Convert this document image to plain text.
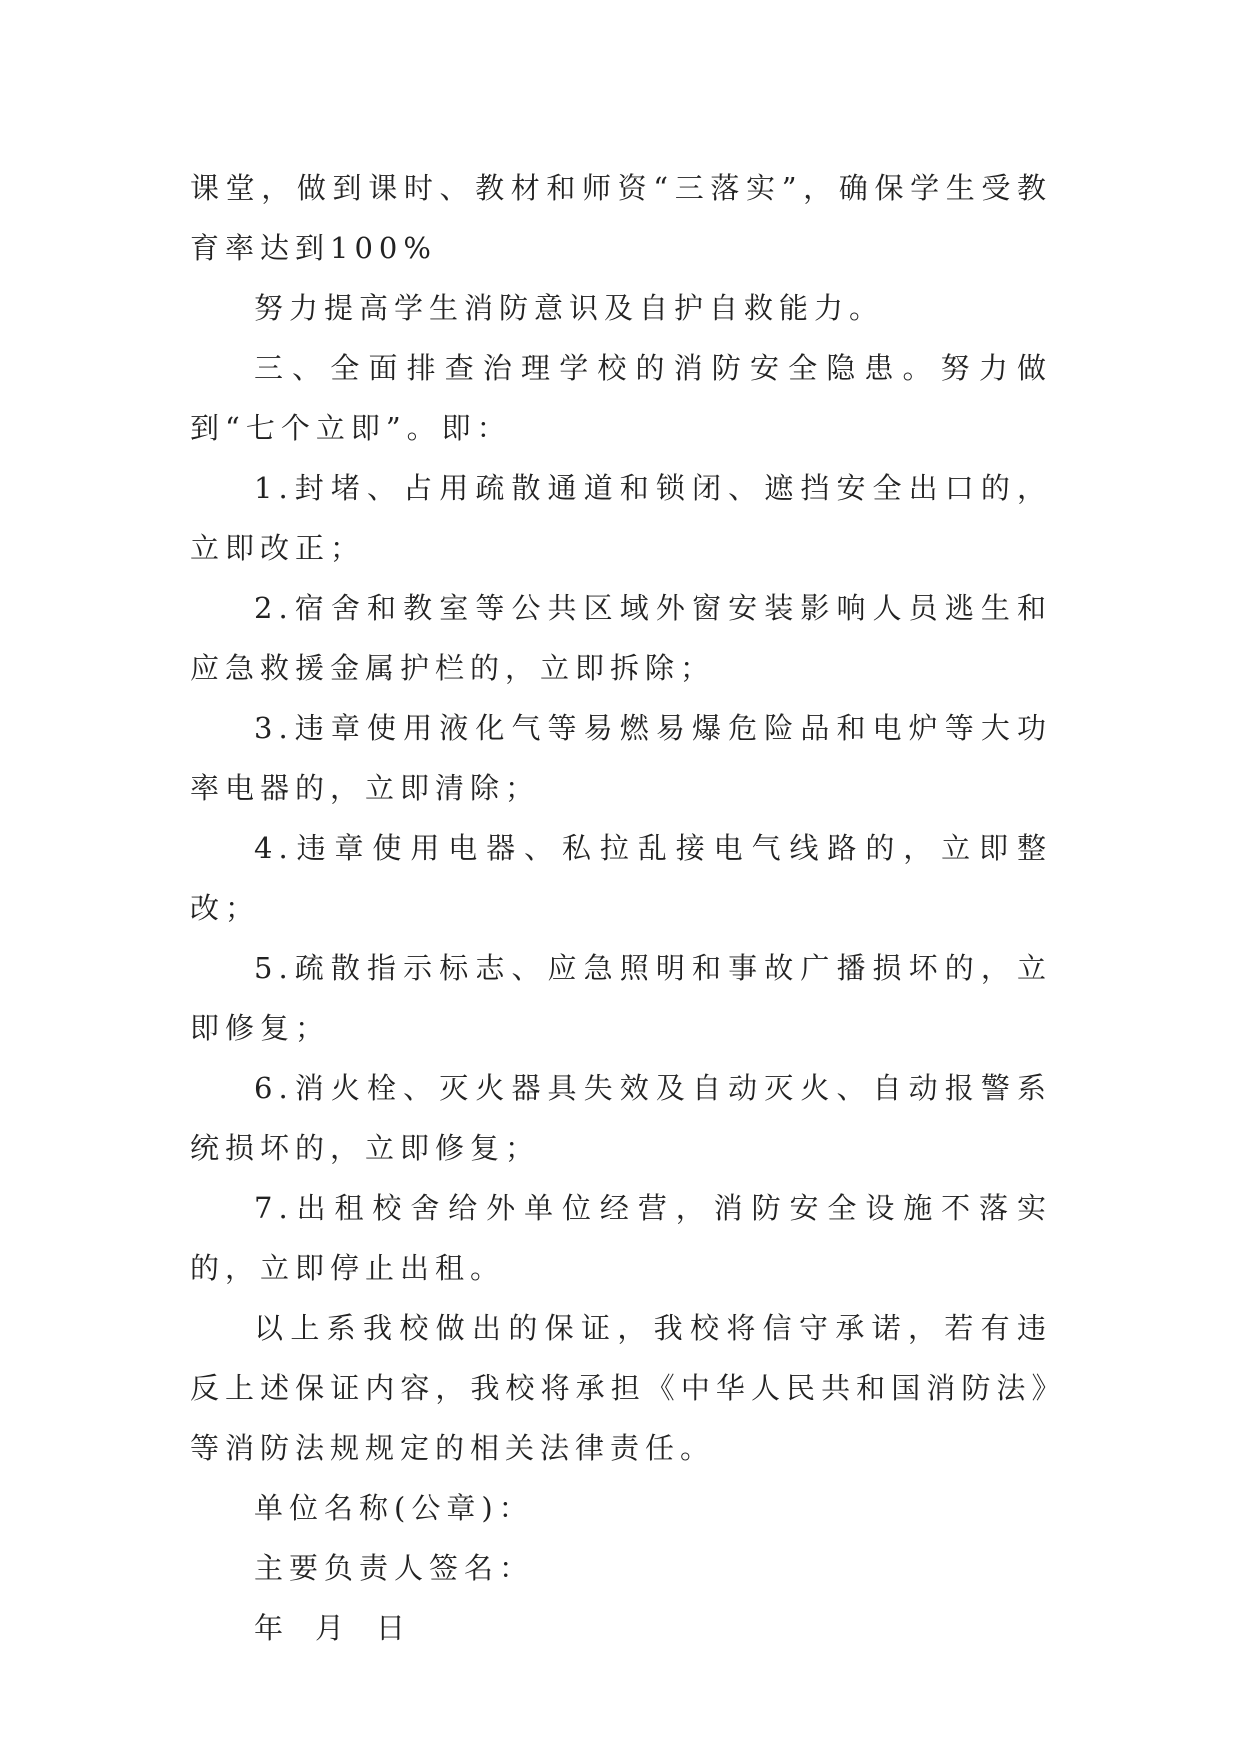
课堂，做到课时、教材和师资“三落实”，确保学生受教育率达到100%

努力提高学生消防意识及自护自救能力。

三、全面排查治理学校的消防安全隐患。努力做到“七个立即”。即：

1.封堵、占用疏散通道和锁闭、遮挡安全出口的，立即改正；

2.宿舍和教室等公共区域外窗安装影响人员逃生和应急救援金属护栏的，立即拆除；

3.违章使用液化气等易燃易爆危险品和电炉等大功率电器的，立即清除；

4.违章使用电器、私拉乱接电气线路的，立即整改；

5.疏散指示标志、应急照明和事故广播损坏的，立即修复；

6.消火栓、灭火器具失效及自动灭火、自动报警系统损坏的，立即修复；

7.出租校舍给外单位经营，消防安全设施不落实的，立即停止出租。

以上系我校做出的保证，我校将信守承诺，若有违反上述保证内容，我校将承担《中华人民共和国消防法》等消防法规规定的相关法律责任。

单位名称(公章)：

主要负责人签名：

年 月 日
